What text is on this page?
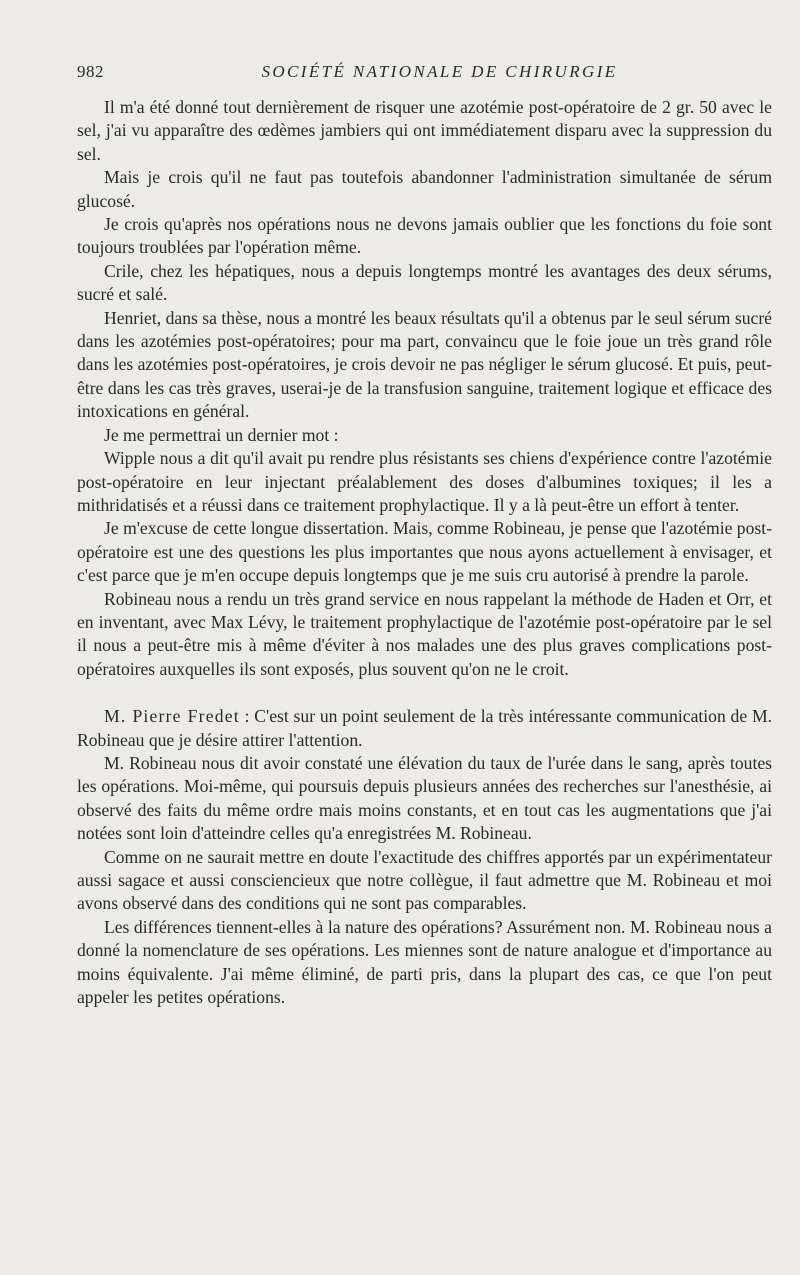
982	SOCIÉTÉ NATIONALE DE CHIRURGIE

Il m'a été donné tout dernièrement de risquer une azotémie post-opératoire de 2 gr. 50 avec le sel, j'ai vu apparaître des œdèmes jambiers qui ont immédiatement disparu avec la suppression du sel.

Mais je crois qu'il ne faut pas toutefois abandonner l'administration simultanée de sérum glucosé.

Je crois qu'après nos opérations nous ne devons jamais oublier que les fonctions du foie sont toujours troublées par l'opération même.

Crile, chez les hépatiques, nous a depuis longtemps montré les avantages des deux sérums, sucré et salé.

Henriet, dans sa thèse, nous a montré les beaux résultats qu'il a obtenus par le seul sérum sucré dans les azotémies post-opératoires; pour ma part, convaincu que le foie joue un très grand rôle dans les azotémies post-opératoires, je crois devoir ne pas négliger le sérum glucosé. Et puis, peut-être dans les cas très graves, userai-je de la transfusion sanguine, traitement logique et efficace des intoxications en général.

Je me permettrai un dernier mot :

Wipple nous a dit qu'il avait pu rendre plus résistants ses chiens d'expérience contre l'azotémie post-opératoire en leur injectant préalablement des doses d'albumines toxiques; il les a mithridatisés et a réussi dans ce traitement prophylactique. Il y a là peut-être un effort à tenter.

Je m'excuse de cette longue dissertation. Mais, comme Robineau, je pense que l'azotémie post-opératoire est une des questions les plus importantes que nous ayons actuellement à envisager, et c'est parce que je m'en occupe depuis longtemps que je me suis cru autorisé à prendre la parole.

Robineau nous a rendu un très grand service en nous rappelant la méthode de Haden et Orr, et en inventant, avec Max Lévy, le traitement prophylactique de l'azotémie post-opératoire par le sel il nous a peut-être mis à même d'éviter à nos malades une des plus graves complications post-opératoires auxquelles ils sont exposés, plus souvent qu'on ne le croit.

M. Pierre Fredet : C'est sur un point seulement de la très intéressante communication de M. Robineau que je désire attirer l'attention.

M. Robineau nous dit avoir constaté une élévation du taux de l'urée dans le sang, après toutes les opérations. Moi-même, qui poursuis depuis plusieurs années des recherches sur l'anesthésie, ai observé des faits du même ordre mais moins constants, et en tout cas les augmentations que j'ai notées sont loin d'atteindre celles qu'a enregistrées M. Robineau.

Comme on ne saurait mettre en doute l'exactitude des chiffres apportés par un expérimentateur aussi sagace et aussi consciencieux que notre collègue, il faut admettre que M. Robineau et moi avons observé dans des conditions qui ne sont pas comparables.

Les différences tiennent-elles à la nature des opérations? Assurément non. M. Robineau nous a donné la nomenclature de ses opérations. Les miennes sont de nature analogue et d'importance au moins équivalente. J'ai même éliminé, de parti pris, dans la plupart des cas, ce que l'on peut appeler les petites opérations.
